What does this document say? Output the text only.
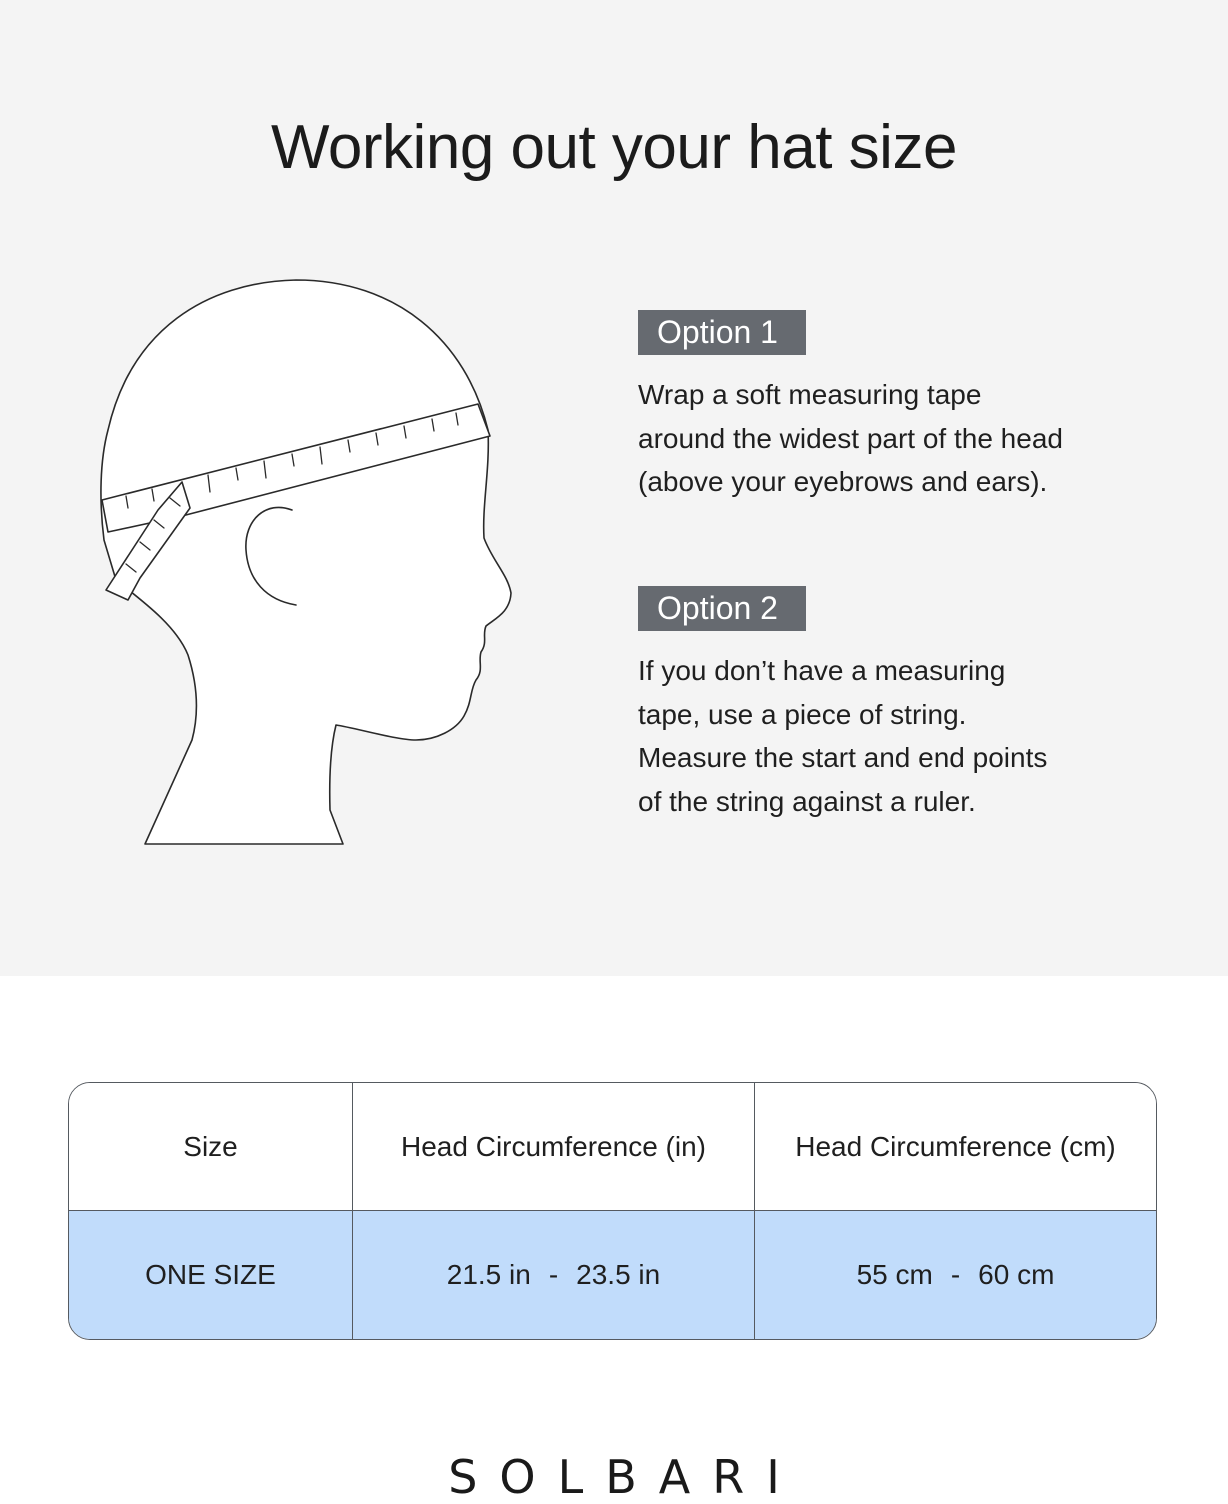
Working out your hat size
Option 1

Wrap a soft measuring tape

around the widest part of the head

(above your eyebrows and ears).

Option 2

If you don’t have a measuring

tape, use a piece of string.

Measure the start and end points

of the string against a ruler.

Size	Head Circumference (in)	Head Circumference (cm)
ONE SIZE	21.5 in - 23.5 in	55 cm - 60 cm
SOLBARI
